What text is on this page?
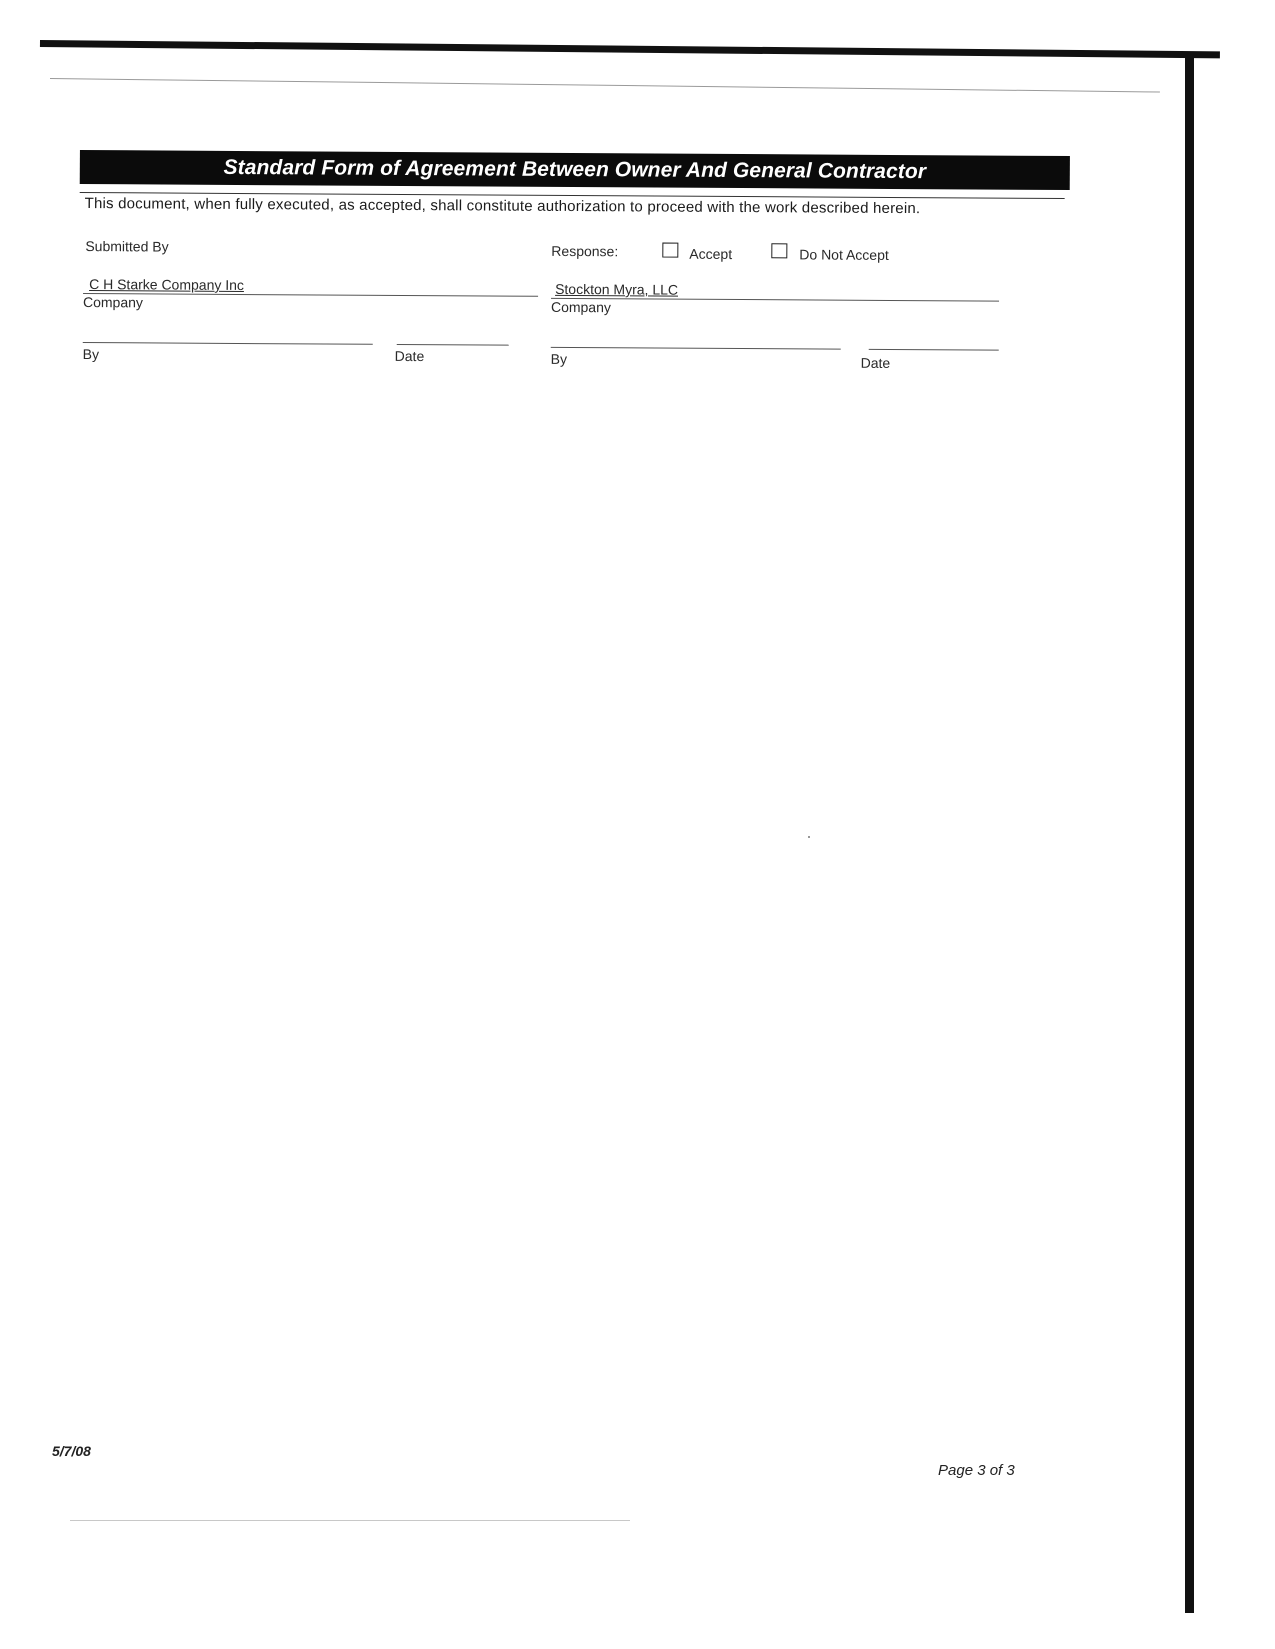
Standard Form of Agreement Between Owner And General Contractor
This document, when fully executed, as accepted, shall constitute authorization to proceed with the work described herein.
Submitted By
C H Starke Company Inc
Company
By	Date
Response:	Accept	Do Not Accept
Stockton Myra, LLC
Company
By	Date
5/7/08
Page 3 of 3
